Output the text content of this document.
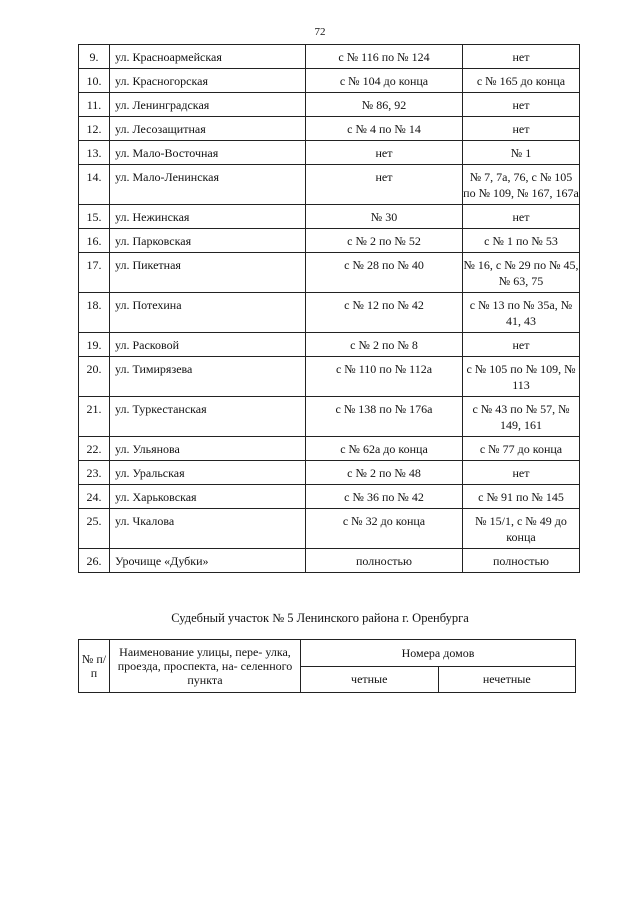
72
9.	ул. Красноармейская	с № 116 по № 124	нет
10.	ул. Красногорская	с № 104 до конца	с № 165 до конца
11.	ул. Ленинградская	№ 86, 92	нет
12.	ул. Лесозащитная	с № 4 по № 14	нет
13.	ул. Мало-Восточная	нет	№ 1
14.	ул. Мало-Ленинская	нет	№ 7, 7а, 76, с № 105 по № 109, № 167, 167а
15.	ул. Нежинская	№ 30	нет
16.	ул. Парковская	с № 2 по № 52	с № 1 по № 53
17.	ул. Пикетная	с № 28 по № 40	№ 16, с № 29 по № 45, № 63, 75
18.	ул. Потехина	с № 12 по № 42	с № 13 по № 35а, № 41, 43
19.	ул. Расковой	с № 2 по № 8	нет
20.	ул. Тимирязева	с № 110 по № 112а	с № 105 по № 109, № 113
21.	ул. Туркестанская	с № 138 по № 176а	с № 43 по № 57, № 149, 161
22.	ул. Ульянова	с № 62а до конца	с № 77 до конца
23.	ул. Уральская	с № 2 по № 48	нет
24.	ул. Харьковская	с № 36 по № 42	с № 91 по № 145
25.	ул. Чкалова	с № 32 до конца	№ 15/1, с № 49 до конца
26.	Урочище «Дубки»	полностью	полностью
Судебный участок № 5 Ленинского района г. Оренбурга
№ п/п	Наименование улицы, пере- улка, проезда, проспекта, на- селенного пункта	Номера домов	
		четные	нечетные
